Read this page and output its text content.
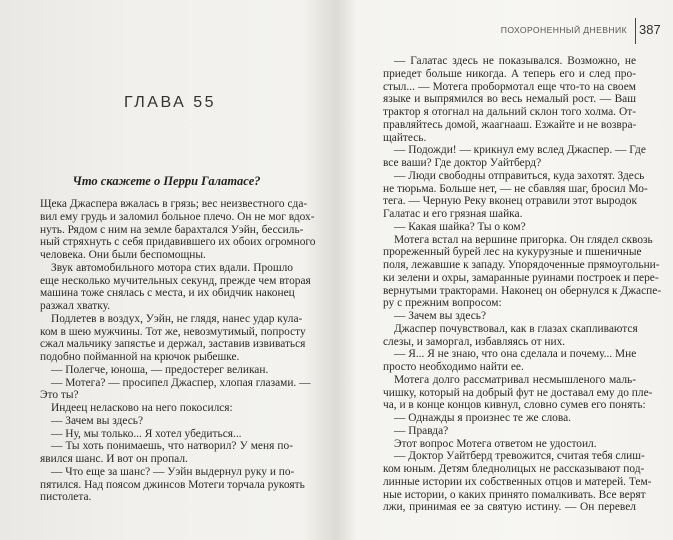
ГЛАВА 55
Что скажете о Перри Галатасе?
Щека Джаспера вжалась в грязь; вес неизвестного сда-
вил ему грудь и заломил больное плечо. Он не мог вдох-
нуть. Рядом с ним на земле барахтался Уэйн, бессиль-
ный стряхнуть с себя придавившего их обоих огромного
человека. Они были беспомощны.
Звук автомобильного мотора стих вдали. Прошло
еще несколько мучительных секунд, прежде чем вторая
машина тоже снялась с места, и их обидчик наконец
разжал хватку.
Подлетев в воздух, Уэйн, не глядя, нанес удар кула-
ком в шею мужчины. Тот же, невозмутимый, попросту
сжал мальчику запястье и держал, заставив извиваться
подобно пойманной на крючок рыбешке.
— Полегче, юноша, — предостерег великан.
— Мотега? — просипел Джаспер, хлопая глазами. —
Это ты?
Индеец неласково на него покосился:
— Зачем вы здесь?
— Ну, мы только... Я хотел убедиться...
— Ты хоть понимаешь, что натворил? У меня по-
явился шанс. И вот он пропал.
— Что еще за шанс? — Уэйн выдернул руку и по-
пятился. Над поясом джинсов Мотеги торчала рукоять
пистолета.
ПОХОРОНЕННЫЙ ДНЕВНИК 387
— Галатас здесь не показывался. Возможно, не
приедет больше никогда. А теперь его и след про-
стыл... — Мотега пробормотал еще что-то на своем
языке и выпрямился во весь немалый рост. — Ваш
трактор я отогнал на дальний склон того холма. От-
правляйтесь домой, жаагнааш. Езжайте и не возвра-
щайтесь.
— Подожди! — крикнул ему вслед Джаспер. — Где
все ваши? Где доктор Уайтберд?
— Люди свободны отправиться, куда захотят. Здесь
не тюрьма. Больше нет, — не сбавляя шаг, бросил Мо-
тега. — Черную Реку вконец отравили этот выродок
Галатас и его грязная шайка.
— Какая шайка? Ты о ком?
Мотега встал на вершине пригорка. Он глядел сквозь
прореженный бурей лес на кукурузные и пшеничные
поля, лежавшие к западу. Упорядоченные прямоугольни-
ки зелени и охры, замаранные руинами построек и пере-
вернутыми тракторами. Наконец он обернулся к Джаспе-
ру с прежним вопросом:
— Зачем вы здесь?
Джаспер почувствовал, как в глазах скапливаются
слезы, и заморгал, избавляясь от них.
— Я... Я не знаю, что она сделала и почему... Мне
просто необходимо найти ее.
Мотега долго рассматривал несмышленого маль-
чишку, который на добрый фут не доставал ему до пле-
ча, и в конце концов кивнул, словно сумев его понять:
— Однажды я произнес те же слова.
— Правда?
Этот вопрос Мотега ответом не удостоил.
— Доктор Уайтберд тревожится, считая тебя слиш-
ком юным. Детям бледнолицых не рассказывают под-
линные истории их собственных отцов и матерей. Тем-
ные истории, о каких принято помалкивать. Все верят
лжи, принимая ее за святую истину. — Он перевел
